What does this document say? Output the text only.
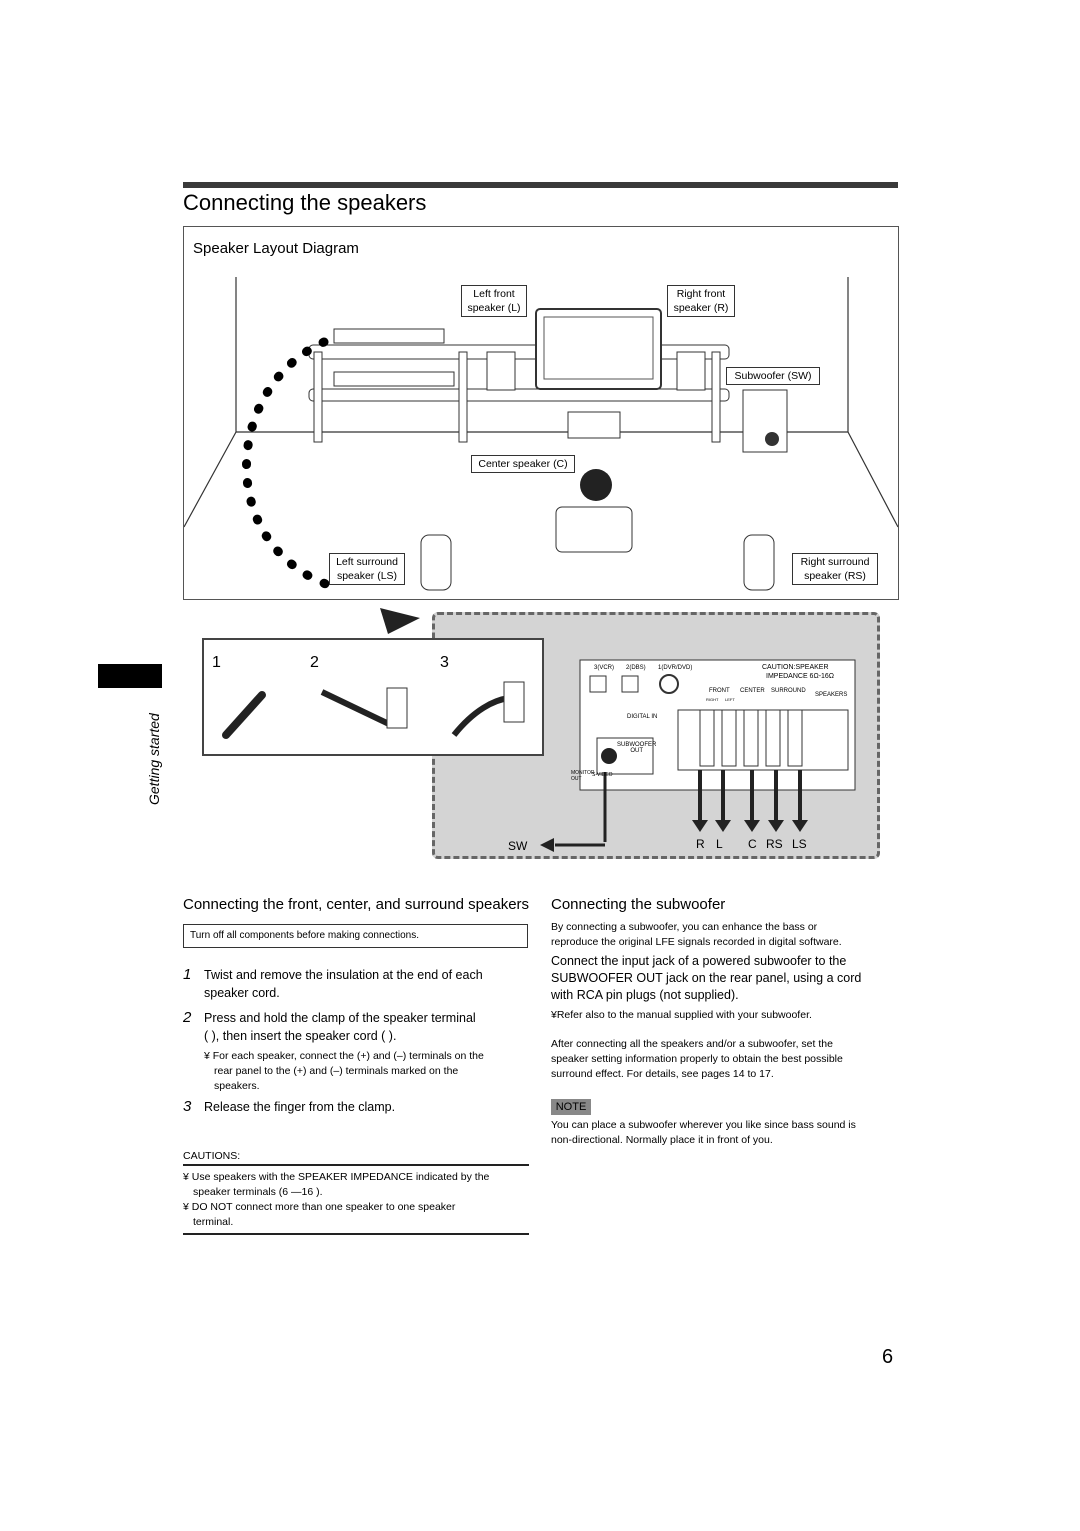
Connecting the speakers
Speaker Layout Diagram
Left front
speaker (L)
Right front
speaker (R)
Subwoofer (SW)
Center speaker (C)
Left surround
speaker (LS)
Right surround
speaker (RS)
Getting started
3(VCR) 2(DBS) 1(DVR/DVD)
DIGITAL IN
CAUTION:SPEAKER
IMPEDANCE 6Ω-16Ω
FRONT CENTER SURROUND
SPEAKERS
RIGHT LEFT
SUBWOOFER
OUT
MONITOR
OUT
S-VIDEO
SW	R L C RS LS
1	2	3
Connecting the front, center, and surround speakers
Turn off all components before making connections.
1 Twist and remove the insulation at the end of each
speaker cord.
2 Press and hold the clamp of the speaker terminal
( ), then insert the speaker cord ( ).
¥ For each speaker, connect the (+) and (–) terminals on the
rear panel to the (+) and (–) terminals marked on the
speakers.
3 Release the finger from the clamp.
CAUTIONS:
¥ Use speakers with the SPEAKER IMPEDANCE indicated by the
speaker terminals (6 —16 ).
¥ DO NOT connect more than one speaker to one speaker
terminal.
Connecting the subwoofer
By connecting a subwoofer, you can enhance the bass or
reproduce the original LFE signals recorded in digital software.
Connect the input jack of a powered subwoofer to the
SUBWOOFER OUT jack on the rear panel, using a cord
with RCA pin plugs (not supplied).
¥Refer also to the manual supplied with your subwoofer.
After connecting all the speakers and/or a subwoofer, set the
speaker setting information properly to obtain the best possible
surround effect. For details, see pages 14 to 17.
NOTE
You can place a subwoofer wherever you like since bass sound is
non-directional. Normally place it in front of you.
6
